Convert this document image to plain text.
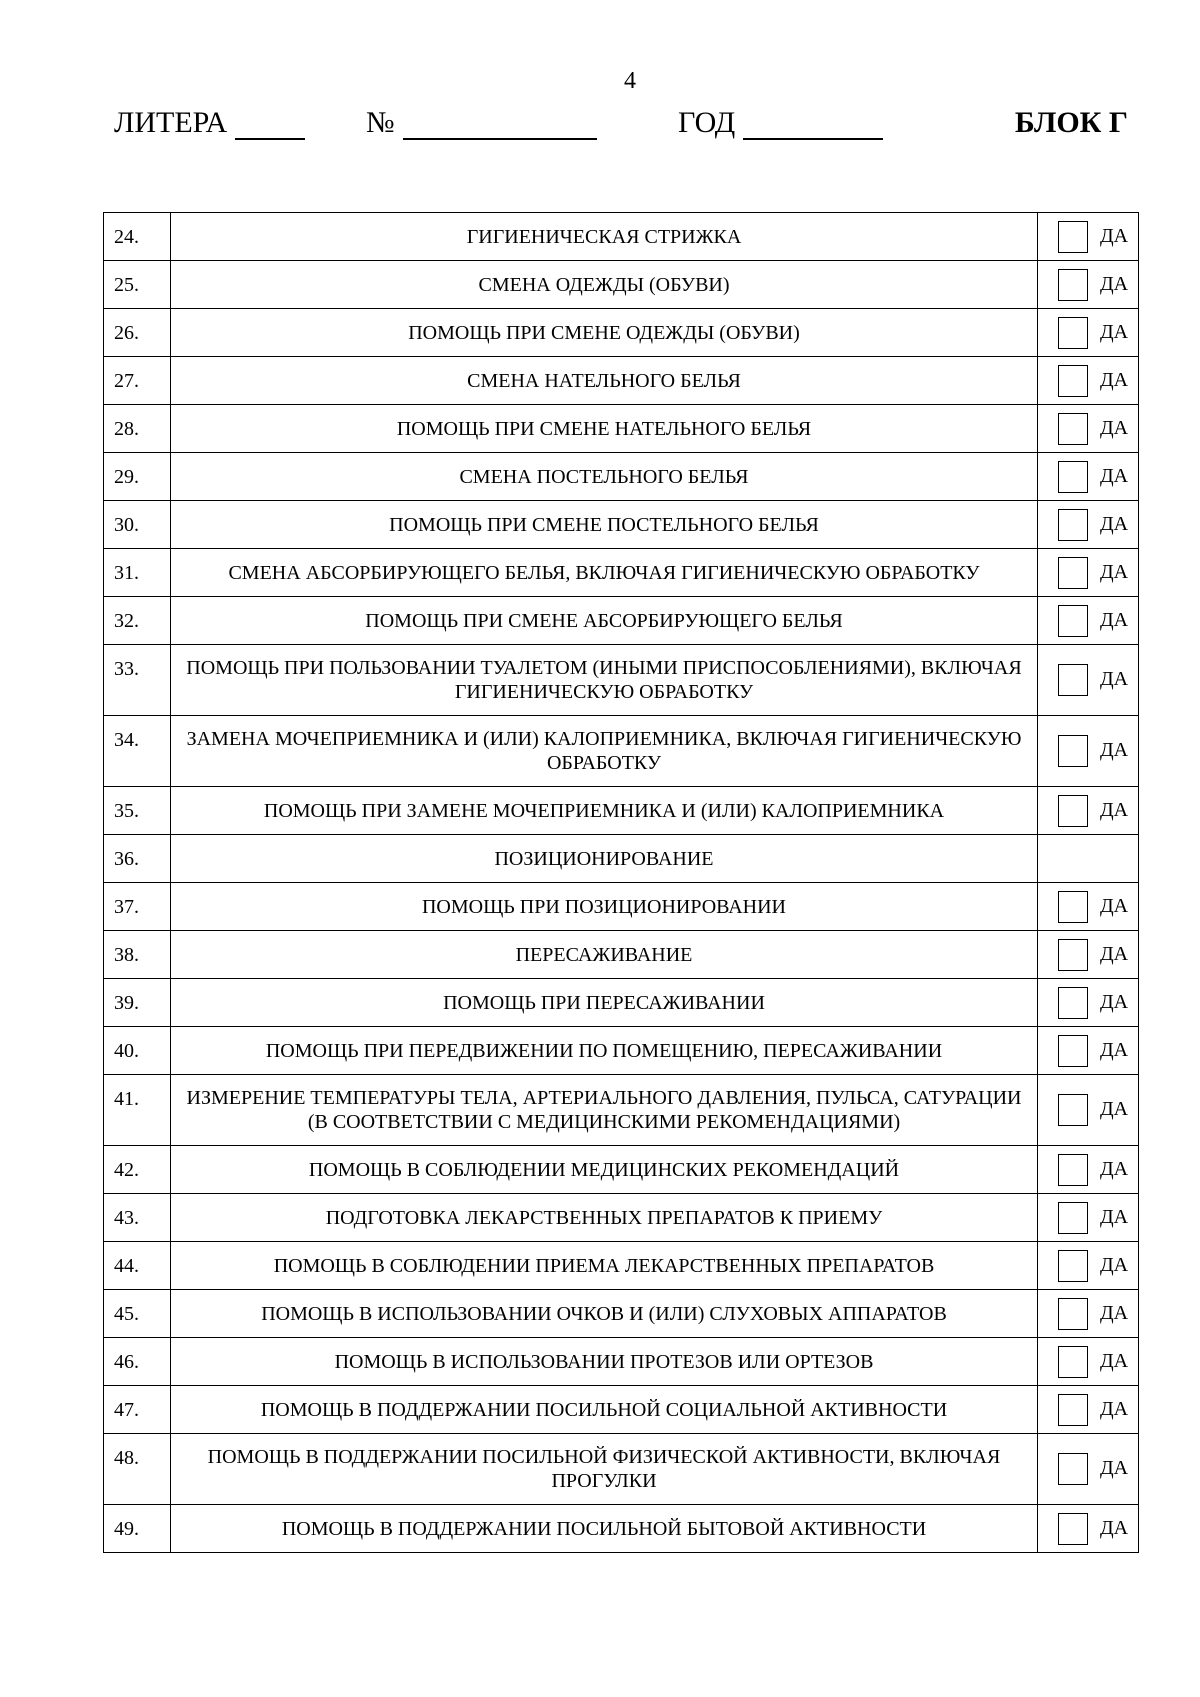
4
ЛИТЕРА	№	ГОД	БЛОК Г
24.	ГИГИЕНИЧЕСКАЯ СТРИЖКА	ДА

25.	СМЕНА ОДЕЖДЫ (ОБУВИ)	ДА

26.	ПОМОЩЬ ПРИ СМЕНЕ ОДЕЖДЫ (ОБУВИ)	ДА

27.	СМЕНА НАТЕЛЬНОГО БЕЛЬЯ	ДА

28.	ПОМОЩЬ ПРИ СМЕНЕ НАТЕЛЬНОГО БЕЛЬЯ	ДА

29.	СМЕНА ПОСТЕЛЬНОГО БЕЛЬЯ	ДА

30.	ПОМОЩЬ ПРИ СМЕНЕ ПОСТЕЛЬНОГО БЕЛЬЯ	ДА

31.	СМЕНА АБСОРБИРУЮЩЕГО БЕЛЬЯ, ВКЛЮЧАЯ ГИГИЕНИЧЕСКУЮ ОБРАБОТКУ	ДА

32.	ПОМОЩЬ ПРИ СМЕНЕ АБСОРБИРУЮЩЕГО БЕЛЬЯ	ДА

33.	ПОМОЩЬ ПРИ ПОЛЬЗОВАНИИ ТУАЛЕТОМ (ИНЫМИ ПРИСПОСОБЛЕНИЯМИ), ВКЛЮЧАЯ ГИГИЕНИЧЕСКУЮ ОБРАБОТКУ	ДА

34.	ЗАМЕНА МОЧЕПРИЕМНИКА И (ИЛИ) КАЛОПРИЕМНИКА, ВКЛЮЧАЯ ГИГИЕНИЧЕСКУЮ ОБРАБОТКУ	ДА

35.	ПОМОЩЬ ПРИ ЗАМЕНЕ МОЧЕПРИЕМНИКА И (ИЛИ) КАЛОПРИЕМНИКА	ДА

36.	ПОЗИЦИОНИРОВАНИЕ	

37.	ПОМОЩЬ ПРИ ПОЗИЦИОНИРОВАНИИ	ДА

38.	ПЕРЕСАЖИВАНИЕ	ДА

39.	ПОМОЩЬ ПРИ ПЕРЕСАЖИВАНИИ	ДА

40.	ПОМОЩЬ ПРИ ПЕРЕДВИЖЕНИИ ПО ПОМЕЩЕНИЮ, ПЕРЕСАЖИВАНИИ	ДА

41.	ИЗМЕРЕНИЕ ТЕМПЕРАТУРЫ ТЕЛА, АРТЕРИАЛЬНОГО ДАВЛЕНИЯ, ПУЛЬСА, САТУРАЦИИ (В СООТВЕТСТВИИ С МЕДИЦИНСКИМИ РЕКОМЕНДАЦИЯМИ)	ДА

42.	ПОМОЩЬ В СОБЛЮДЕНИИ МЕДИЦИНСКИХ РЕКОМЕНДАЦИЙ	ДА

43.	ПОДГОТОВКА ЛЕКАРСТВЕННЫХ ПРЕПАРАТОВ К ПРИЕМУ	ДА

44.	ПОМОЩЬ В СОБЛЮДЕНИИ ПРИЕМА ЛЕКАРСТВЕННЫХ ПРЕПАРАТОВ	ДА

45.	ПОМОЩЬ В ИСПОЛЬЗОВАНИИ ОЧКОВ И (ИЛИ) СЛУХОВЫХ АППАРАТОВ	ДА

46.	ПОМОЩЬ В ИСПОЛЬЗОВАНИИ ПРОТЕЗОВ ИЛИ ОРТЕЗОВ	ДА

47.	ПОМОЩЬ В ПОДДЕРЖАНИИ ПОСИЛЬНОЙ СОЦИАЛЬНОЙ АКТИВНОСТИ	ДА

48.	ПОМОЩЬ В ПОДДЕРЖАНИИ ПОСИЛЬНОЙ ФИЗИЧЕСКОЙ АКТИВНОСТИ, ВКЛЮЧАЯ ПРОГУЛКИ	ДА

49.	ПОМОЩЬ В ПОДДЕРЖАНИИ ПОСИЛЬНОЙ БЫТОВОЙ АКТИВНОСТИ	ДА
